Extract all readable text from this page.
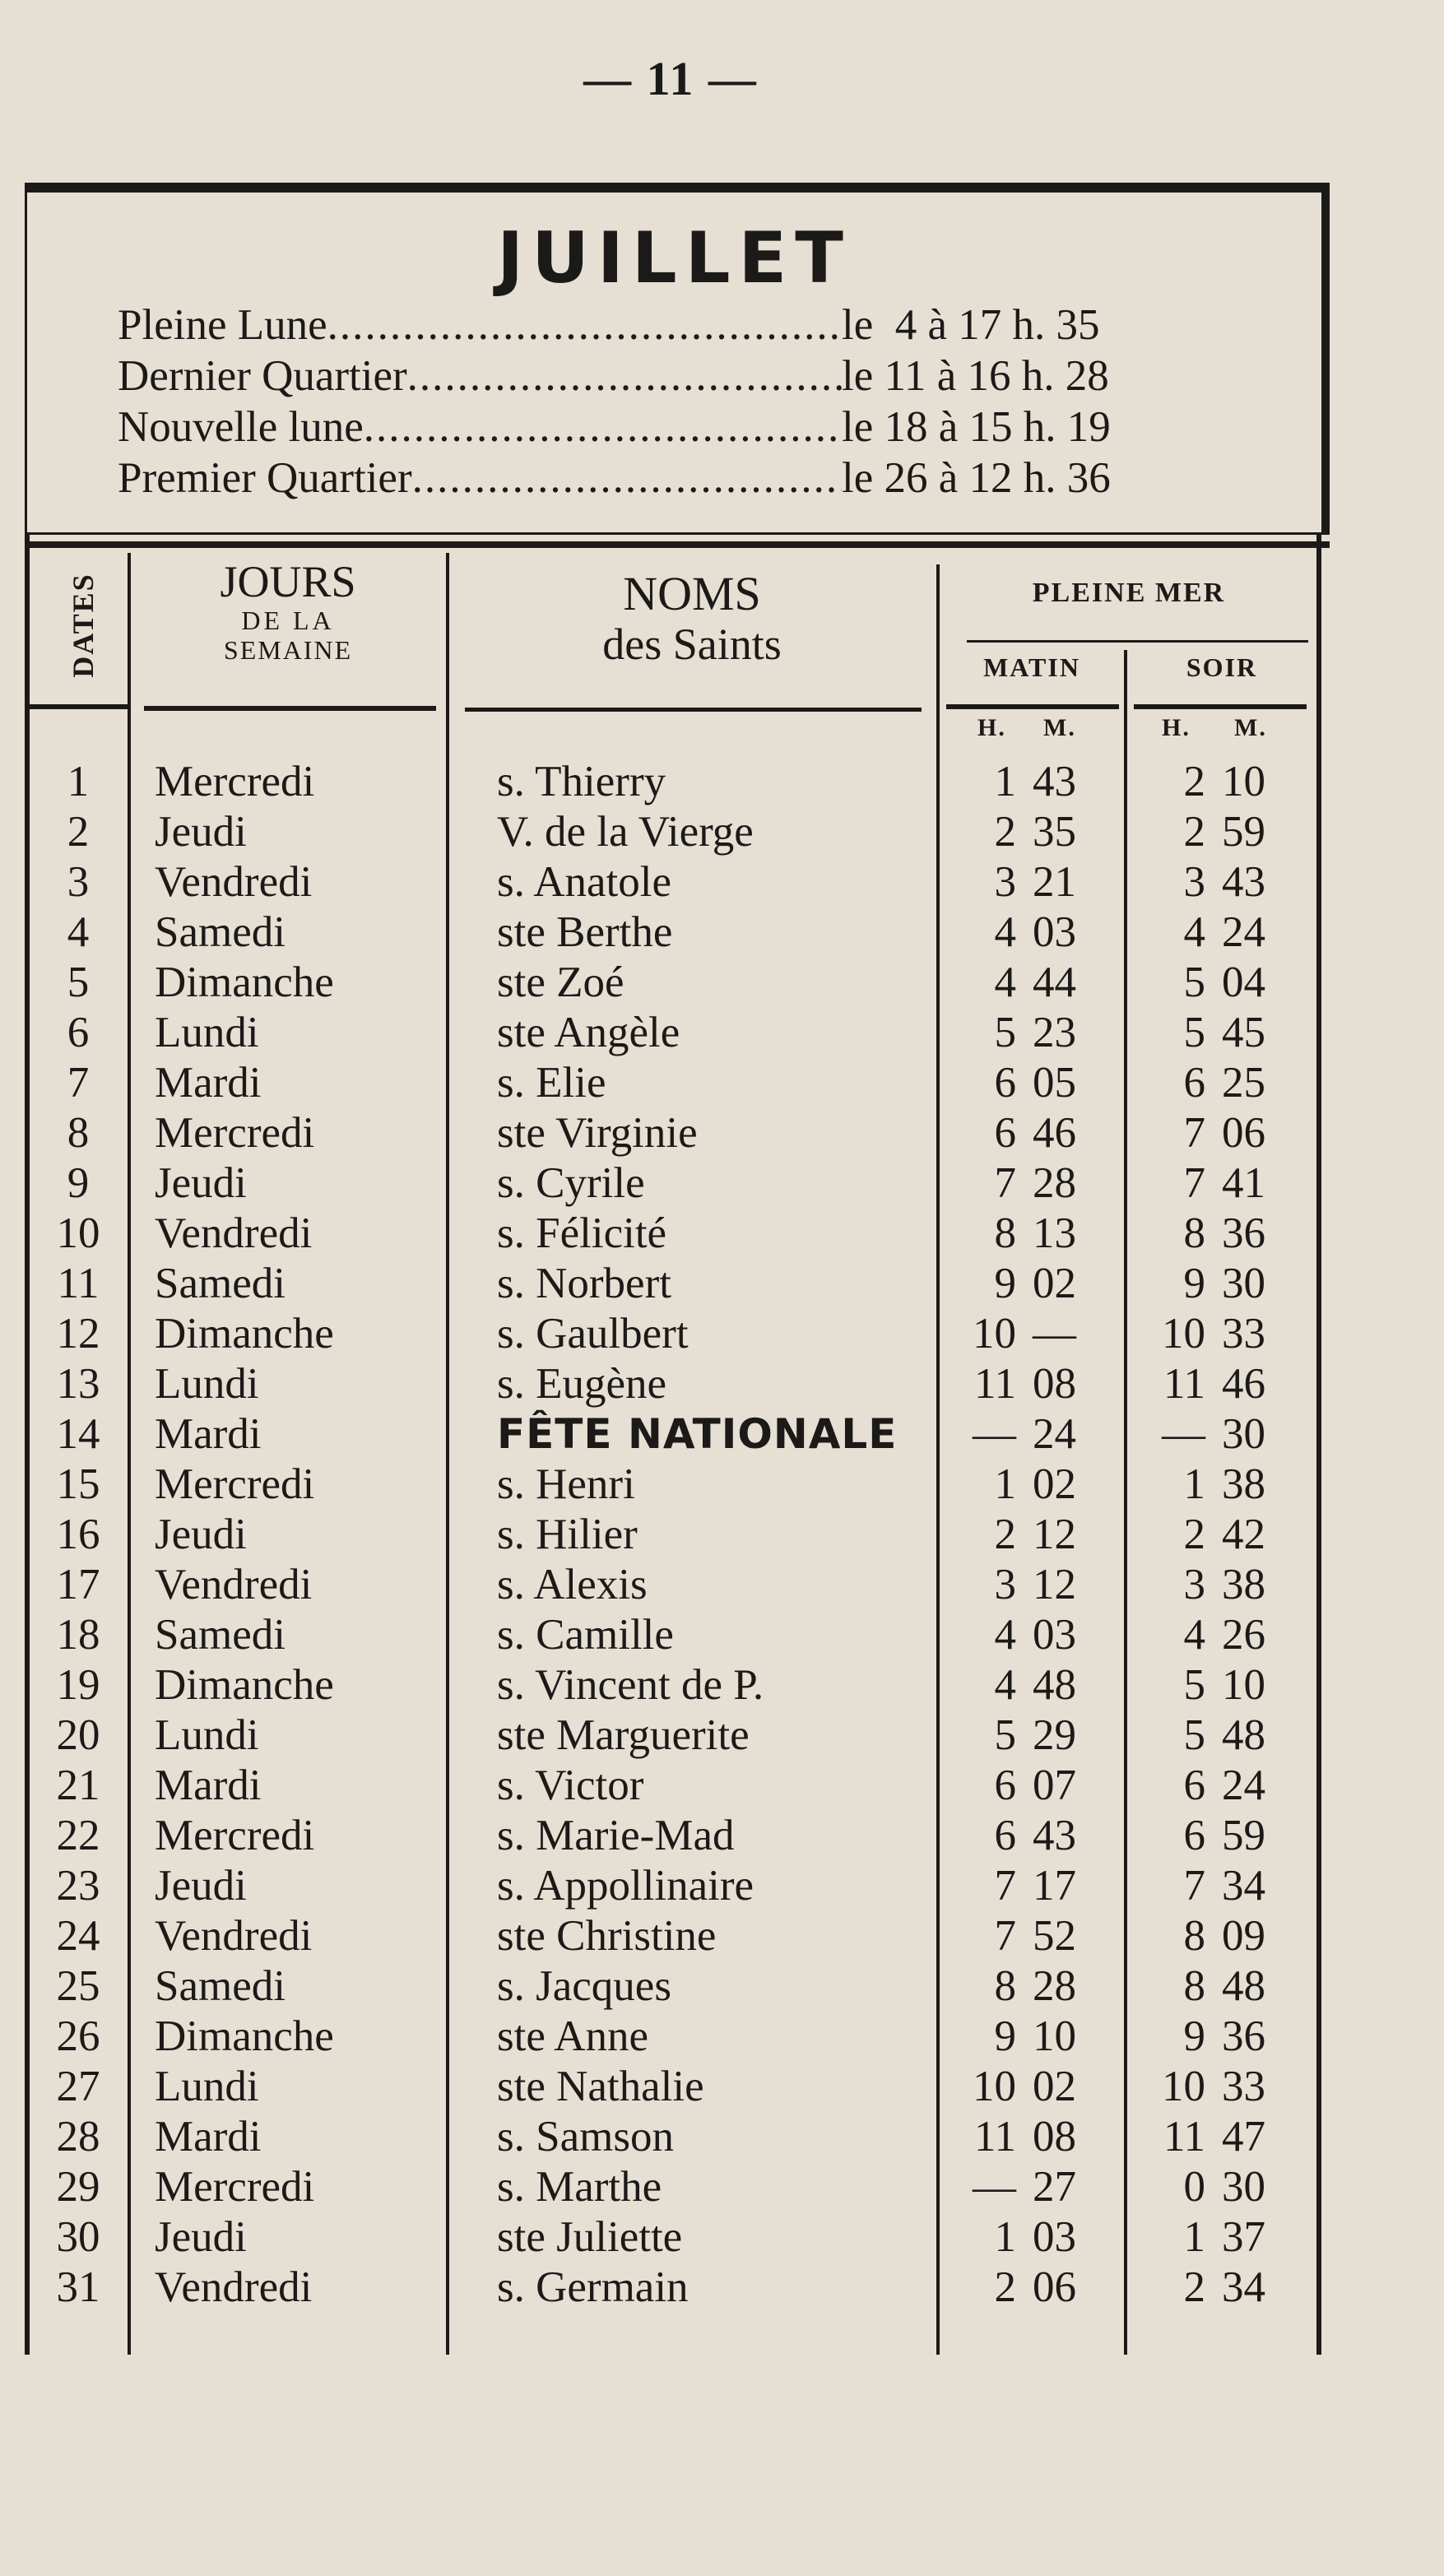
— 11 —
JUILLET
Pleine Lune .....	le  4 à 17 h. 35
Dernier Quartier .....	le 11 à 16 h. 28
Nouvelle lune .....	le 18 à 15 h. 19
Premier Quartier .....	le 26 à 12 h. 36
DATES	JOURS
DE LA
SEMAINE
NOMS
des Saints
PLEINE MER
MATIN	SOIR
H. M.	H. M.
1	Mercredi	s. Thierry	1 43	2 10
2	Jeudi	V. de la Vierge	2 35	2 59
3	Vendredi	s. Anatole	3 21	3 43
4	Samedi	ste Berthe	4 03	4 24
5	Dimanche	ste Zoé	4 44	5 04
6	Lundi	ste Angèle	5 23	5 45
7	Mardi	s. Elie	6 05	6 25
8	Mercredi	ste Virginie	6 46	7 06
9	Jeudi	s. Cyrile	7 28	7 41
10	Vendredi	s. Félicité	8 13	8 36
11	Samedi	s. Norbert	9 02	9 30
12	Dimanche	s. Gaulbert	10 —	10 33
13	Lundi	s. Eugène	11 08	11 46
14	Mardi	FÊTE NATIONALE	— 24	— 30
15	Mercredi	s. Henri	1 02	1 38
16	Jeudi	s. Hilier	2 12	2 42
17	Vendredi	s. Alexis	3 12	3 38
18	Samedi	s. Camille	4 03	4 26
19	Dimanche	s. Vincent de P.	4 48	5 10
20	Lundi	ste Marguerite	5 29	5 48
21	Mardi	s. Victor	6 07	6 24
22	Mercredi	s. Marie-Mad	6 43	6 59
23	Jeudi	s. Appollinaire	7 17	7 34
24	Vendredi	ste Christine	7 52	8 09
25	Samedi	s. Jacques	8 28	8 48
26	Dimanche	ste Anne	9 10	9 36
27	Lundi	ste Nathalie	10 02	10 33
28	Mardi	s. Samson	11 08	11 47
29	Mercredi	s. Marthe	— 27	0 30
30	Jeudi	ste Juliette	1 03	1 37
31	Vendredi	s. Germain	2 06	2 34
